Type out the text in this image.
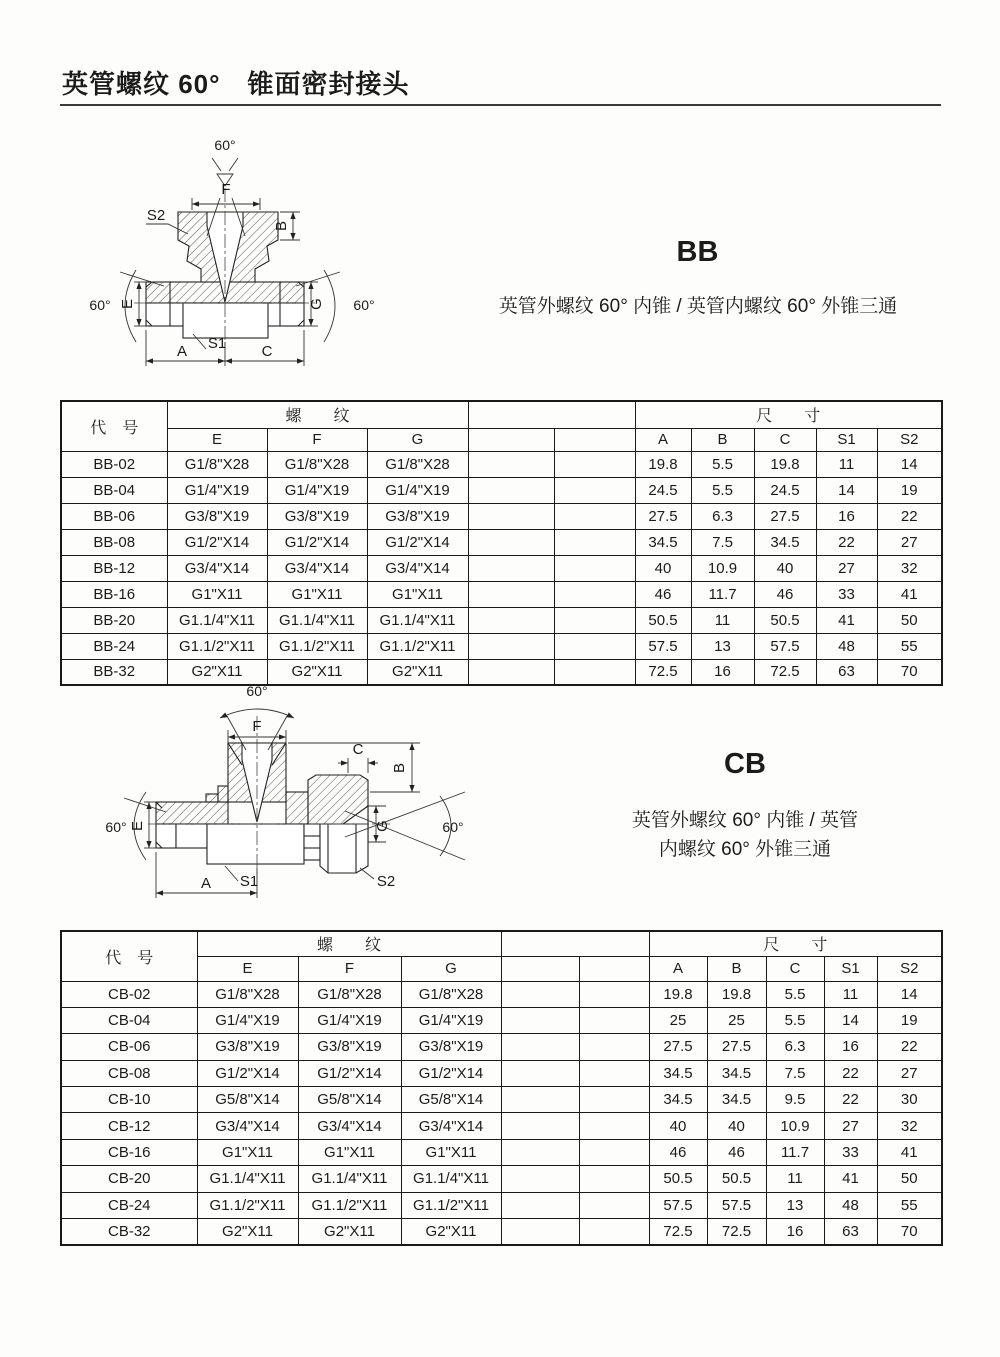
英管螺纹 60°　锥面密封接头
60°
F
S2
B
E	G
60°	60°
A S1 C
BB
英管外螺纹 60° 内锥 / 英管内螺纹 60° 外锥三通
代　号	螺　　纹					尺　　寸				
	E	F	G			A	B	C	S1	S2
BB-02	G1/8"X28	G1/8"X28	G1/8"X28			19.8	5.5	19.8	11	14
BB-04	G1/4"X19	G1/4"X19	G1/4"X19			24.5	5.5	24.5	14	19
BB-06	G3/8"X19	G3/8"X19	G3/8"X19			27.5	6.3	27.5	16	22
BB-08	G1/2"X14	G1/2"X14	G1/2"X14			34.5	7.5	34.5	22	27
BB-12	G3/4"X14	G3/4"X14	G3/4"X14			40	10.9	40	27	32
BB-16	G1"X11	G1"X11	G1"X11			46	11.7	46	33	41
BB-20	G1.1/4"X11	G1.1/4"X11	G1.1/4"X11			50.5	11	50.5	41	50
BB-24	G1.1/2"X11	G1.1/2"X11	G1.1/2"X11			57.5	13	57.5	48	55
BB-32	G2"X11	G2"X11	G2"X11			72.5	16	72.5	63	70
60°
F
C
B
E	G
60°	60°
A S1	S2
CB
英管外螺纹 60° 内锥 / 英管
内螺纹 60° 外锥三通
代　号	螺　　纹					尺　　寸				
	E	F	G			A	B	C	S1	S2
CB-02	G1/8"X28	G1/8"X28	G1/8"X28			19.8	19.8	5.5	11	14
CB-04	G1/4"X19	G1/4"X19	G1/4"X19			25	25	5.5	14	19
CB-06	G3/8"X19	G3/8"X19	G3/8"X19			27.5	27.5	6.3	16	22
CB-08	G1/2"X14	G1/2"X14	G1/2"X14			34.5	34.5	7.5	22	27
CB-10	G5/8"X14	G5/8"X14	G5/8"X14			34.5	34.5	9.5	22	30
CB-12	G3/4"X14	G3/4"X14	G3/4"X14			40	40	10.9	27	32
CB-16	G1"X11	G1"X11	G1"X11			46	46	11.7	33	41
CB-20	G1.1/4"X11	G1.1/4"X11	G1.1/4"X11			50.5	50.5	11	41	50
CB-24	G1.1/2"X11	G1.1/2"X11	G1.1/2"X11			57.5	57.5	13	48	55
CB-32	G2"X11	G2"X11	G2"X11			72.5	72.5	16	63	70
